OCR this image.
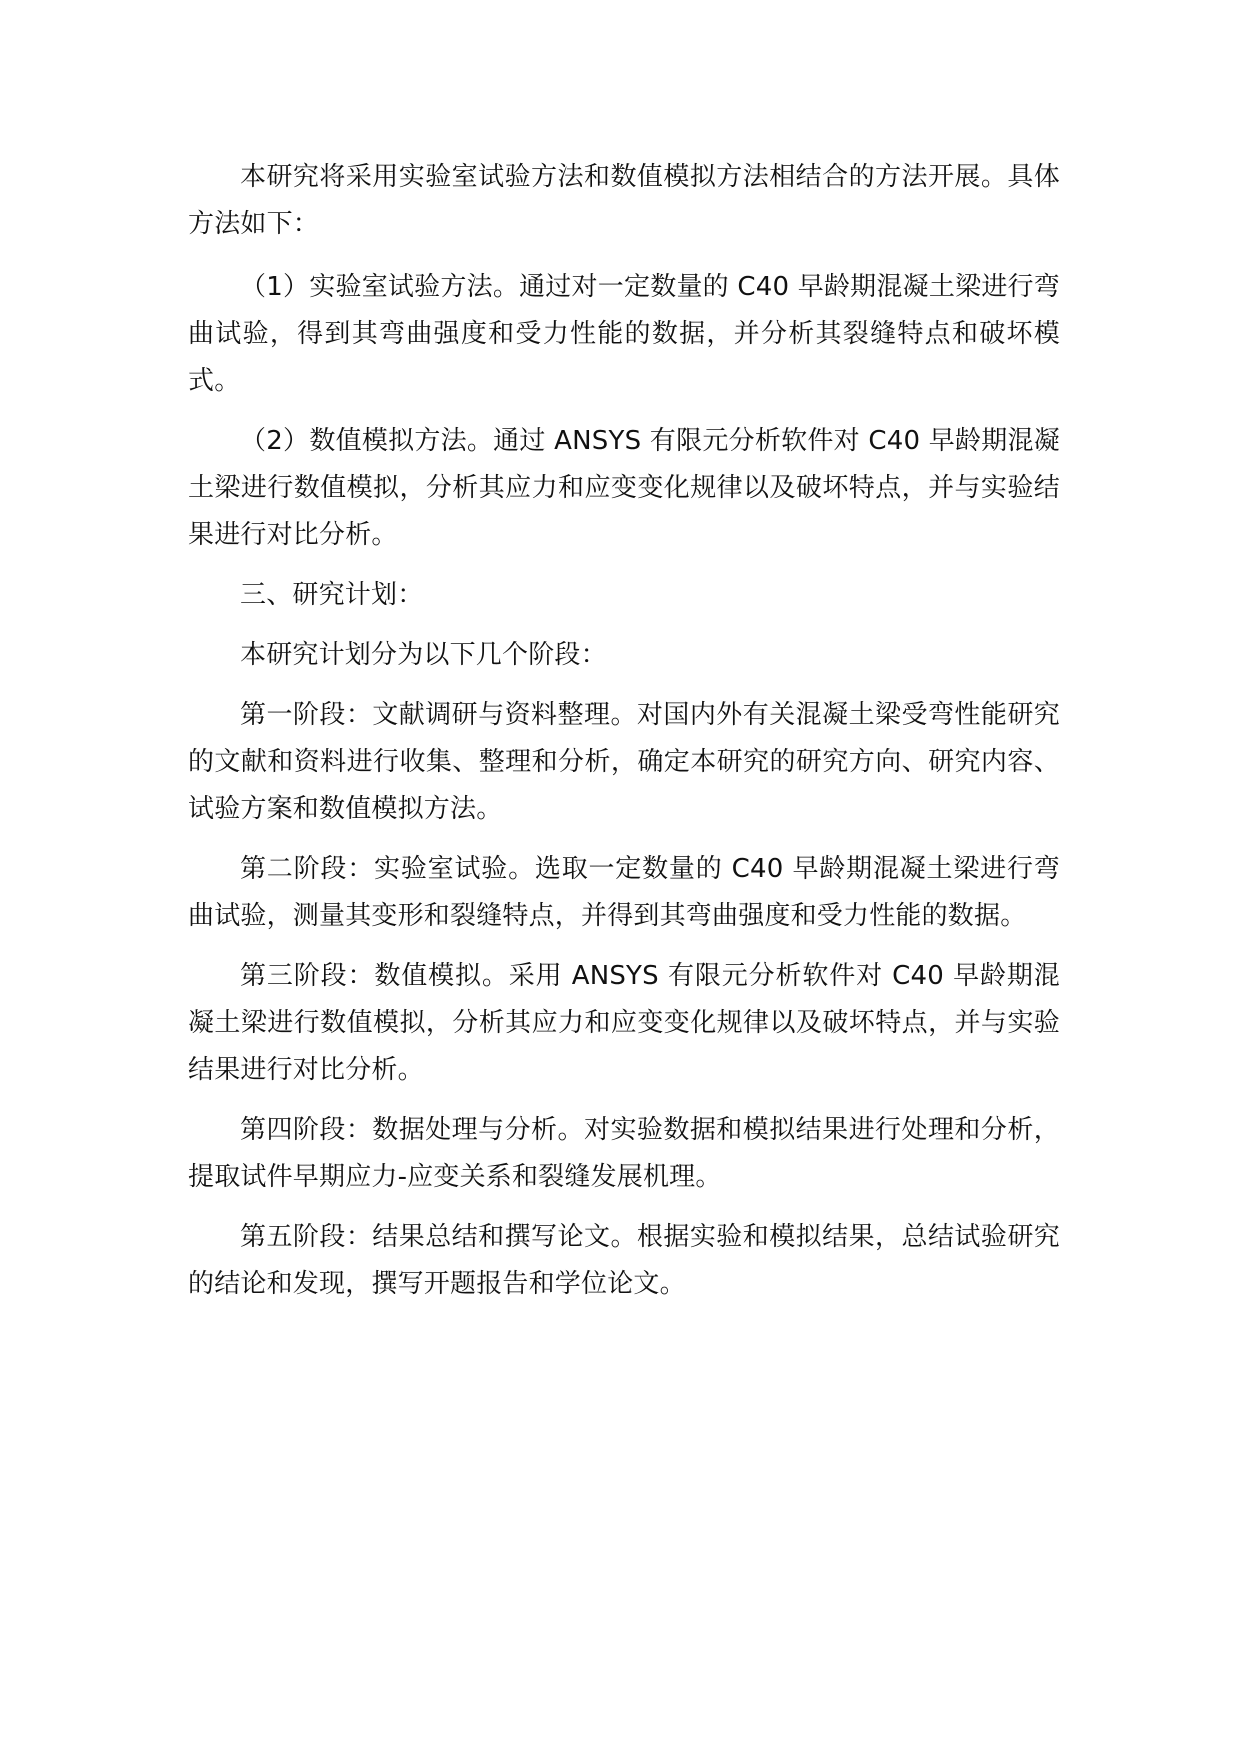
本研究将采用实验室试验方法和数值模拟方法相结合的方法开展。具体方法如下：

（1）实验室试验方法。通过对一定数量的 C40 早龄期混凝土梁进行弯曲试验，得到其弯曲强度和受力性能的数据，并分析其裂缝特点和破坏模式。

（2）数值模拟方法。通过 ANSYS 有限元分析软件对 C40 早龄期混凝土梁进行数值模拟，分析其应力和应变变化规律以及破坏特点，并与实验结果进行对比分析。

三、研究计划：

本研究计划分为以下几个阶段：

第一阶段：文献调研与资料整理。对国内外有关混凝土梁受弯性能研究的文献和资料进行收集、整理和分析，确定本研究的研究方向、研究内容、试验方案和数值模拟方法。

第二阶段：实验室试验。选取一定数量的 C40 早龄期混凝土梁进行弯曲试验，测量其变形和裂缝特点，并得到其弯曲强度和受力性能的数据。

第三阶段：数值模拟。采用 ANSYS 有限元分析软件对 C40 早龄期混凝土梁进行数值模拟，分析其应力和应变变化规律以及破坏特点，并与实验结果进行对比分析。

第四阶段：数据处理与分析。对实验数据和模拟结果进行处理和分析，提取试件早期应力-应变关系和裂缝发展机理。

第五阶段：结果总结和撰写论文。根据实验和模拟结果，总结试验研究的结论和发现，撰写开题报告和学位论文。
